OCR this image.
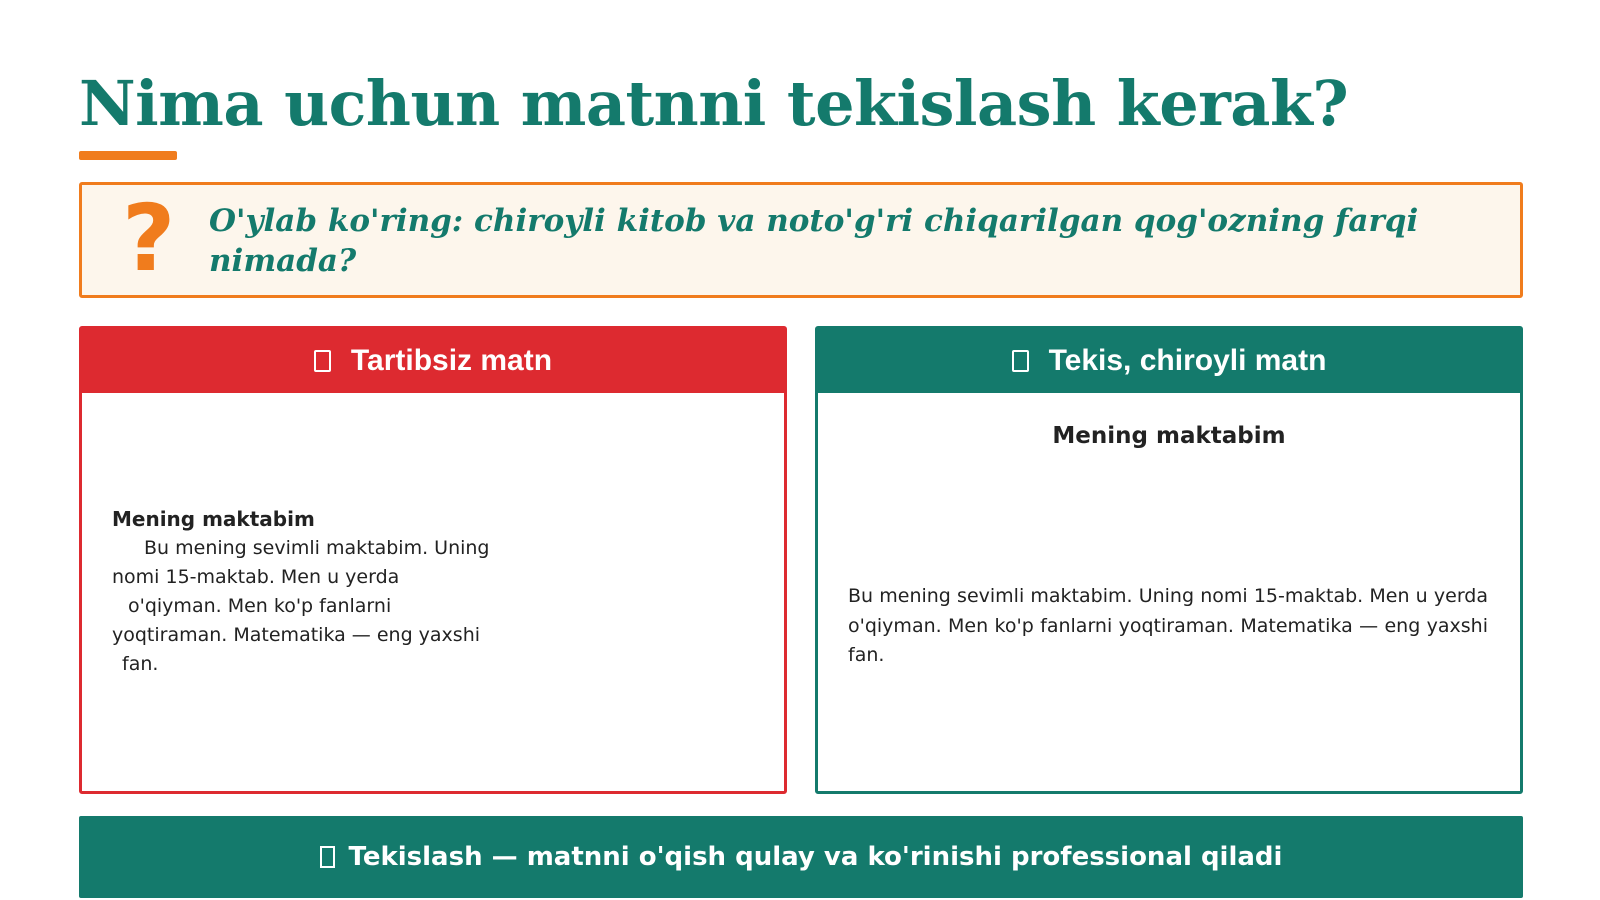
Nima uchun matnni tekislash kerak?
? O'ylab ko'ring: chiroyli kitob va noto'g'ri chiqarilgan qog'ozning farqi nimada?
Tartibsiz matn
Mening maktabim
Bu mening sevimli maktabim. Uning
nomi 15-maktab. Men u yerda
o'qiyman. Men ko'p fanlarni
yoqtiraman. Matematika — eng yaxshi
fan.
Tekis, chiroyli matn
Mening maktabim
Bu mening sevimli maktabim. Uning nomi 15-maktab. Men u yerda o'qiyman. Men ko'p fanlarni yoqtiraman. Matematika — eng yaxshi fan.
Tekislash — matnni o'qish qulay va ko'rinishi professional qiladi
